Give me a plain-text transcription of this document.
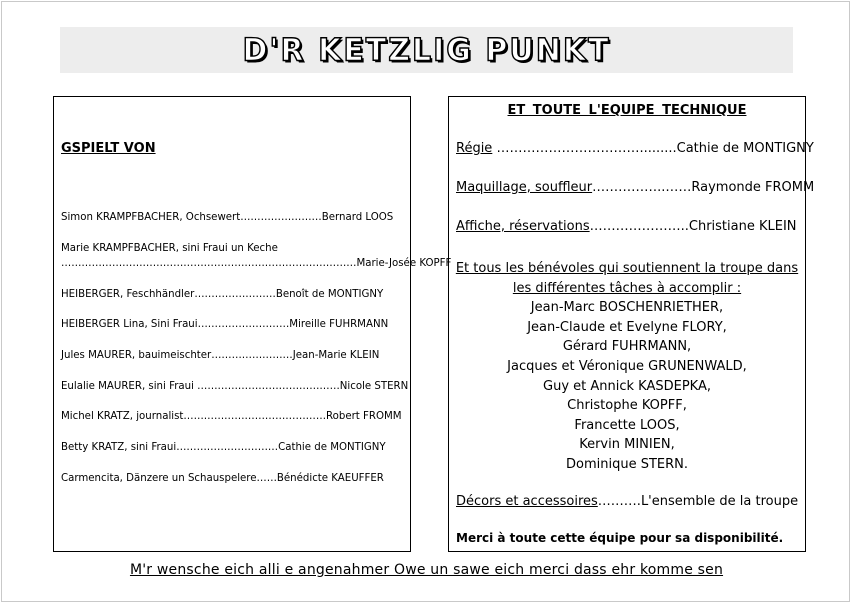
D'R KETZLIG PUNKT
GSPIELT VON
Simon KRAMPFBACHER, Ochsewert……………………Bernard LOOS
Marie KRAMPFBACHER, sini Fraui un Keche
……………………………………………………………………………Marie-Josée KOPFF
HEIBERGER, Feschhändler……………………Benoît de MONTIGNY
HEIBERGER Lina, Sini Fraui………………………Mireille FUHRMANN
Jules MAURER, bauimeischter……………………Jean-Marie KLEIN
Eulalie MAURER, sini Fraui ……………………………………Nicole STERN
Michel KRATZ, journalist……………………………………Robert FROMM
Betty KRATZ, sini Fraui…………………………Cathie de MONTIGNY
Carmencita, Dänzere un Schauspelere……Bénédicte KAEUFFER
ET TOUTE L'EQUIPE TECHNIQUE
Régie …………………………….........Cathie de MONTIGNY
Maquillage, souffleur……………..……Raymonde FROMM
Affiche, réservations…………………..Christiane KLEIN
Et tous les bénévoles qui soutiennent la troupe dans
les différentes tâches à accomplir :
Jean-Marc BOSCHENRIETHER,
Jean-Claude et Evelyne FLORY,
Gérard FUHRMANN,
Jacques et Véronique GRUNENWALD,
Guy et Annick KASDEPKA,
Christophe KOPFF,
Francette LOOS,
Kervin MINIEN,
Dominique STERN.
Décors et accessoires……….L'ensemble de la troupe
Merci à toute cette équipe pour sa disponibilité.
M'r wensche eich alli e angenahmer Owe un sawe eich merci dass ehr komme sen
